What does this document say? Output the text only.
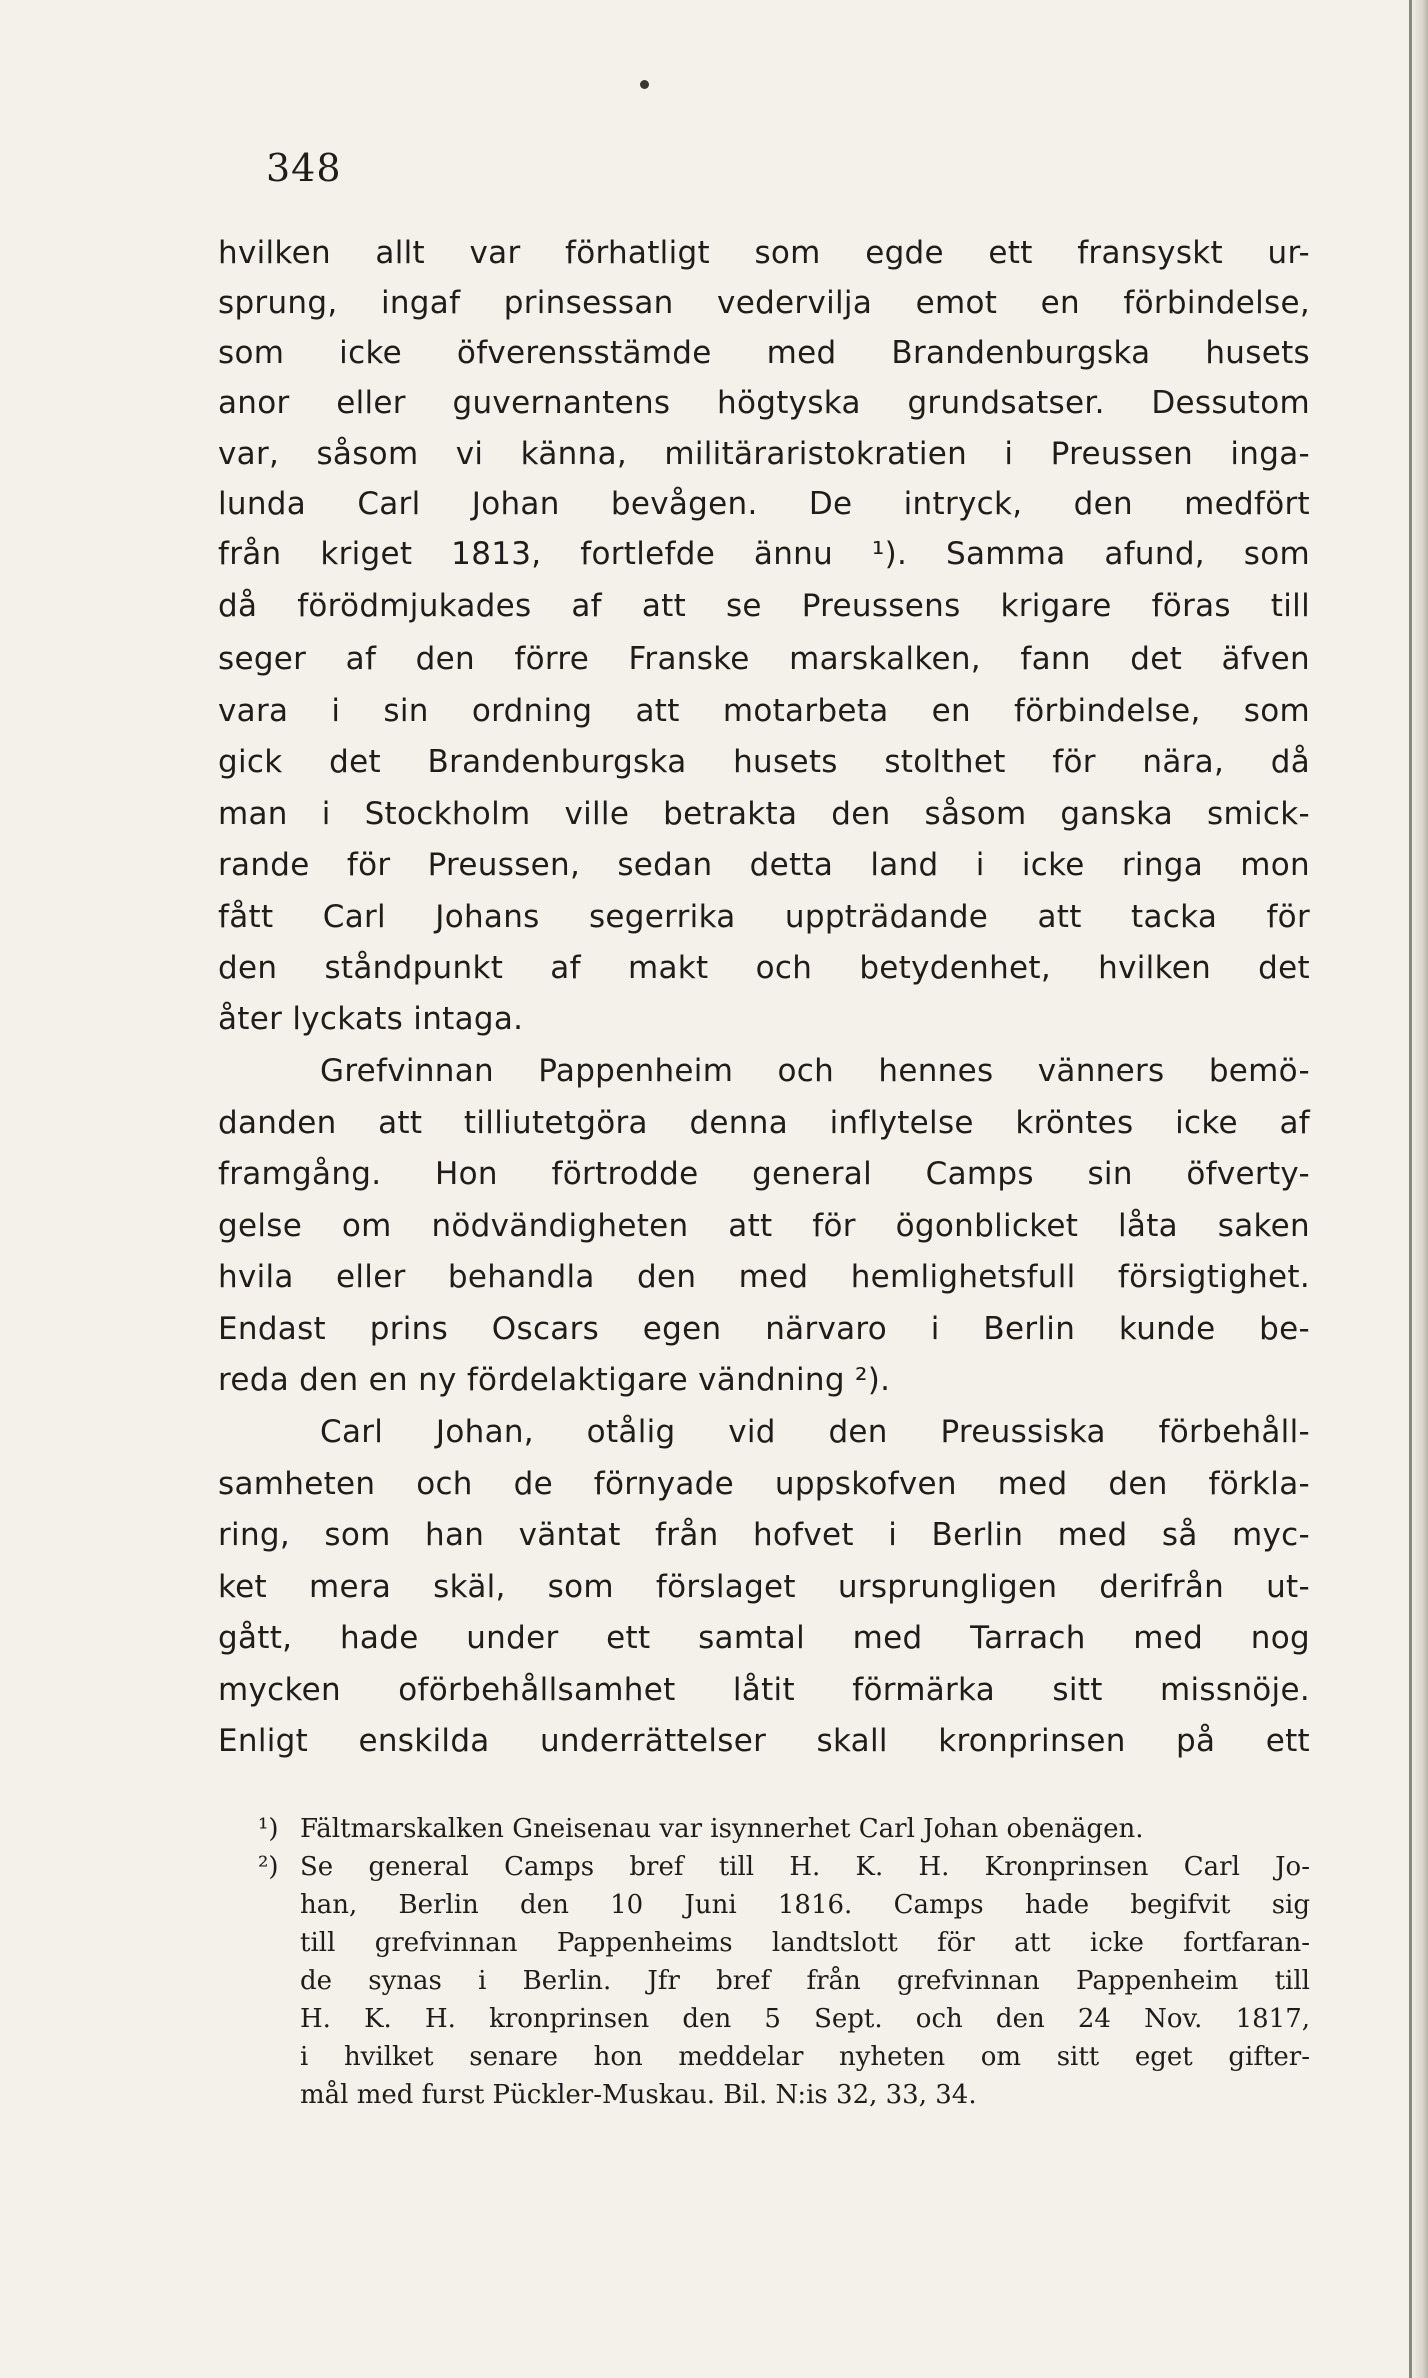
348

hvilken allt var förhatligt som egde ett fransyskt ur-

sprung, ingaf prinsessan vedervilja emot en förbindelse,

som icke öfverensstämde med Brandenburgska husets

anor eller guvernantens högtyska grundsatser. Dessutom

var, såsom vi känna, militäraristokratien i Preussen inga-

lunda Carl Johan bevågen. De intryck, den medfört

från kriget 1813, fortlefde ännu ¹). Samma afund, som

då förödmjukades af att se Preussens krigare föras till

seger af den förre Franske marskalken, fann det äfven

vara i sin ordning att motarbeta en förbindelse, som

gick det Brandenburgska husets stolthet för nära, då

man i Stockholm ville betrakta den såsom ganska smick-

rande för Preussen, sedan detta land i icke ringa mon

fått Carl Johans segerrika uppträdande att tacka för

den ståndpunkt af makt och betydenhet, hvilken det

åter lyckats intaga.

Grefvinnan Pappenheim och hennes vänners bemö-

danden att tilliutetgöra denna inflytelse kröntes icke af

framgång. Hon förtrodde general Camps sin öfverty-

gelse om nödvändigheten att för ögonblicket låta saken

hvila eller behandla den med hemlighetsfull försigtighet.

Endast prins Oscars egen närvaro i Berlin kunde be-

reda den en ny fördelaktigare vändning ²).

Carl Johan, otålig vid den Preussiska förbehåll-

samheten och de förnyade uppskofven med den förkla-

ring, som han väntat från hofvet i Berlin med så myc-

ket mera skäl, som förslaget ursprungligen derifrån ut-

gått, hade under ett samtal med Tarrach med nog

mycken oförbehållsamhet låtit förmärka sitt missnöje.

Enligt enskilda underrättelser skall kronprinsen på ett

¹) Fältmarskalken Gneisenau var isynnerhet Carl Johan obenägen.

²) Se general Camps bref till H. K. H. Kronprinsen Carl Jo-

han, Berlin den 10 Juni 1816. Camps hade begifvit sig

till grefvinnan Pappenheims landtslott för att icke fortfaran-

de synas i Berlin. Jfr bref från grefvinnan Pappenheim till

H. K. H. kronprinsen den 5 Sept. och den 24 Nov. 1817,

i hvilket senare hon meddelar nyheten om sitt eget gifter-

mål med furst Pückler-Muskau. Bil. N:is 32, 33, 34.
